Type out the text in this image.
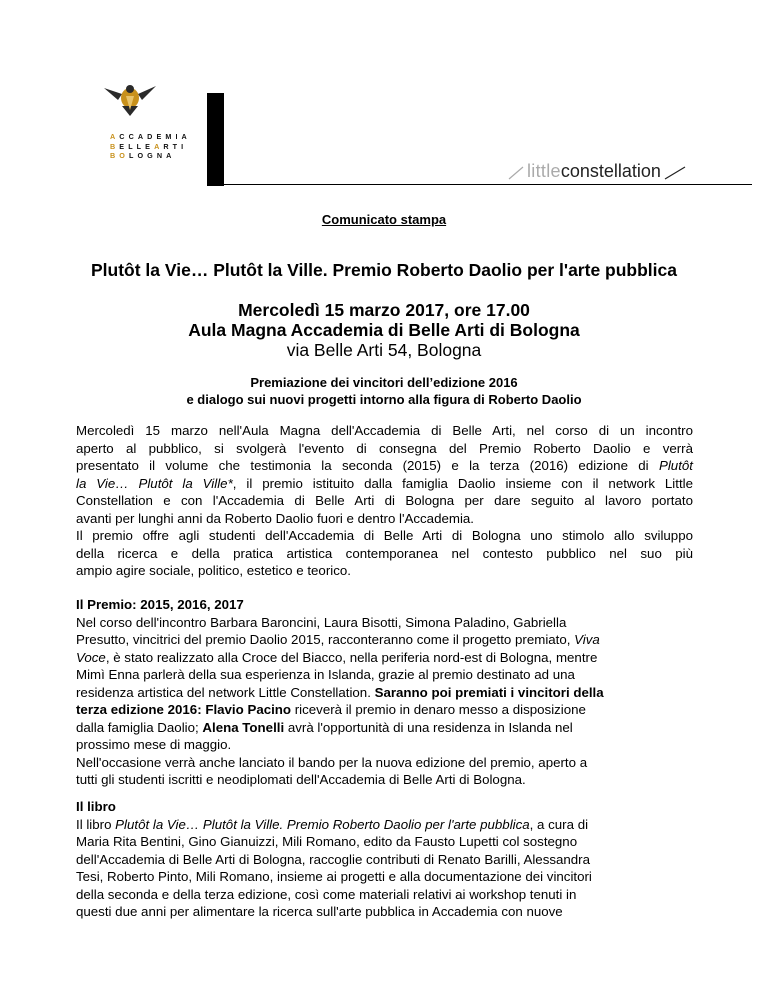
ACCADEMIA
BELLEARTI
BOLOGNA
little constellation
Comunicato stampa
Plutôt la Vie… Plutôt la Ville. Premio Roberto Daolio per l'arte pubblica
Mercoledì 15 marzo 2017, ore 17.00
Aula Magna Accademia di Belle Arti di Bologna
via Belle Arti 54, Bologna
Premiazione dei vincitori dell’edizione 2016
e dialogo sui nuovi progetti intorno alla figura di Roberto Daolio
Mercoledì 15 marzo nell'Aula Magna dell'Accademia di Belle Arti, nel corso di un incontro
aperto al pubblico, si svolgerà l'evento di consegna del Premio Roberto Daolio e verrà
presentato il volume che testimonia la seconda (2015) e la terza (2016) edizione di Plutôt
la Vie… Plutôt la Ville*, il premio istituito dalla famiglia Daolio insieme con il network Little
Constellation e con l'Accademia di Belle Arti di Bologna per dare seguito al lavoro portato
avanti per lunghi anni da Roberto Daolio fuori e dentro l'Accademia.
Il premio offre agli studenti dell'Accademia di Belle Arti di Bologna uno stimolo allo sviluppo
della ricerca e della pratica artistica contemporanea nel contesto pubblico nel suo più
ampio agire sociale, politico, estetico e teorico.
Il Premio: 2015, 2016, 2017
Nel corso dell'incontro Barbara Baroncini, Laura Bisotti, Simona Paladino, Gabriella
Presutto, vincitrici del premio Daolio 2015, racconteranno come il progetto premiato, Viva
Voce, è stato realizzato alla Croce del Biacco, nella periferia nord-est di Bologna, mentre
Mimì Enna parlerà della sua esperienza in Islanda, grazie al premio destinato ad una
residenza artistica del network Little Constellation. Saranno poi premiati i vincitori della
terza edizione 2016: Flavio Pacino riceverà il premio in denaro messo a disposizione
dalla famiglia Daolio; Alena Tonelli avrà l'opportunità di una residenza in Islanda nel
prossimo mese di maggio.
Nell'occasione verrà anche lanciato il bando per la nuova edizione del premio, aperto a
tutti gli studenti iscritti e neodiplomati dell'Accademia di Belle Arti di Bologna.
Il libro
Il libro Plutôt la Vie… Plutôt la Ville. Premio Roberto Daolio per l'arte pubblica, a cura di
Maria Rita Bentini, Gino Gianuizzi, Mili Romano, edito da Fausto Lupetti col sostegno
dell'Accademia di Belle Arti di Bologna, raccoglie contributi di Renato Barilli, Alessandra
Tesi, Roberto Pinto, Mili Romano, insieme ai progetti e alla documentazione dei vincitori
della seconda e della terza edizione, così come materiali relativi ai workshop tenuti in
questi due anni per alimentare la ricerca sull'arte pubblica in Accademia con nuove
